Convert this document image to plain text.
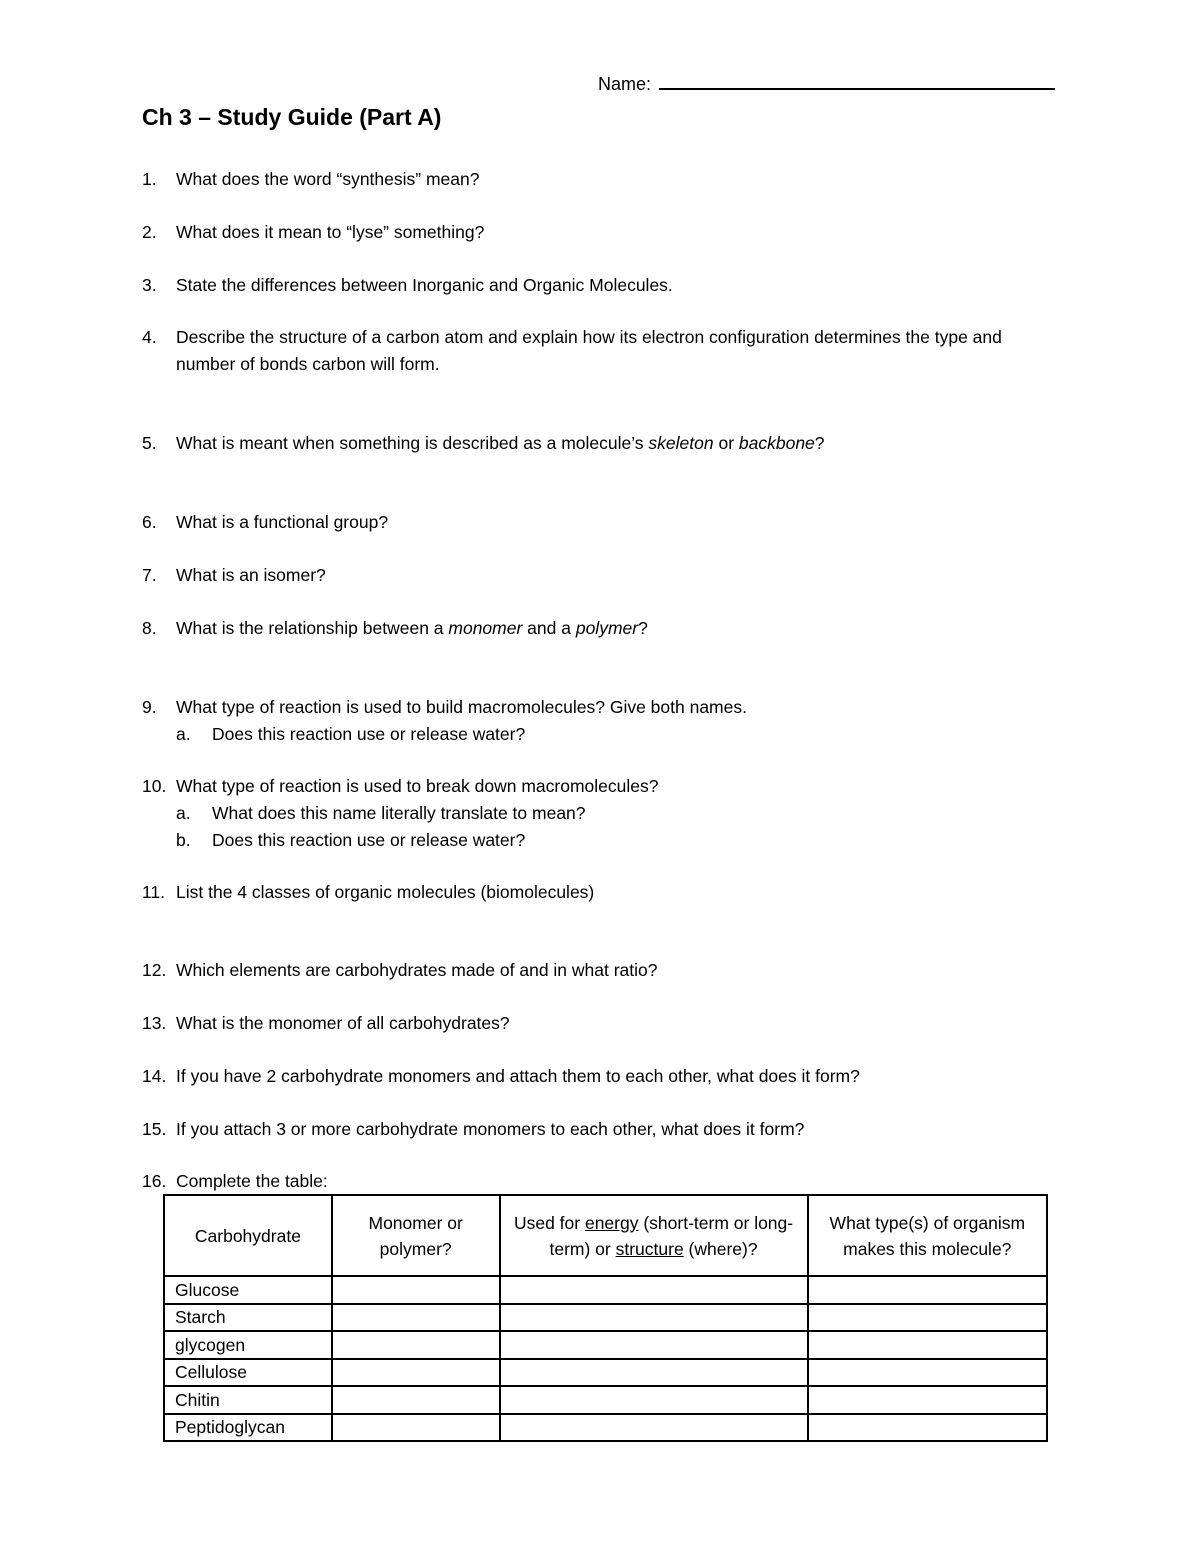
Name:
Ch 3 – Study Guide (Part A)
1.	What does the word “synthesis” mean?
2.	What does it mean to “lyse” something?
3.	State the differences between Inorganic and Organic Molecules.
4.	Describe the structure of a carbon atom and explain how its electron configuration determines the type and number of bonds carbon will form.
5.	What is meant when something is described as a molecule’s skeleton or backbone?
6.	What is a functional group?
7.	What is an isomer?
8.	What is the relationship between a monomer and a polymer?
9.	What type of reaction is used to build macromolecules? Give both names.
a. Does this reaction use or release water?
10. What type of reaction is used to break down macromolecules?
a. What does this name literally translate to mean?
b. Does this reaction use or release water?
11. List the 4 classes of organic molecules (biomolecules)
12. Which elements are carbohydrates made of and in what ratio?
13. What is the monomer of all carbohydrates?
14. If you have 2 carbohydrate monomers and attach them to each other, what does it form?
15. If you attach 3 or more carbohydrate monomers to each other, what does it form?
16. Complete the table:
Carbohydrate	Monomer or polymer?	Used for energy (short-term or long-term) or structure (where)?	What type(s) of organism makes this molecule?
Glucose			
Starch			
glycogen			
Cellulose			
Chitin			
Peptidoglycan			
